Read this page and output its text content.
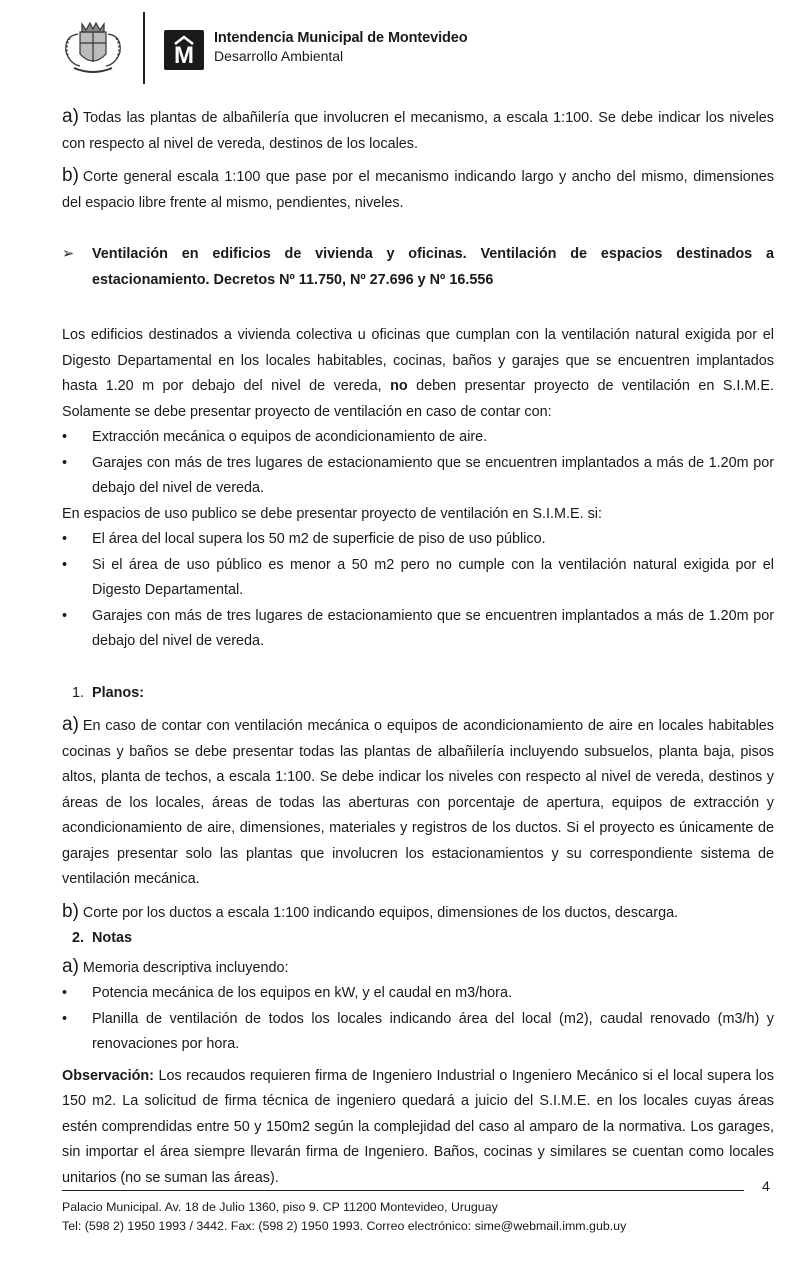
M
Intendencia Municipal de Montevideo
Desarrollo Ambiental

a) Todas las plantas de albañilería que involucren el mecanismo, a escala 1:100. Se debe indicar los niveles con respecto al nivel de vereda, destinos de los locales.

b) Corte general escala 1:100 que pase por el mecanismo indicando largo y ancho del mismo, dimensiones del espacio libre frente al mismo, pendientes, niveles.

➢ Ventilación en edificios de vivienda y oficinas. Ventilación de espacios destinados a estacionamiento. Decretos Nº 11.750, Nº 27.696 y Nº 16.556

Los edificios destinados a vivienda colectiva u oficinas que cumplan con la ventilación natural exigida por el Digesto Departamental en los locales habitables, cocinas, baños y garajes que se encuentren implantados hasta 1.20 m por debajo del nivel de vereda, no deben presentar proyecto de ventilación en S.I.M.E. Solamente se debe presentar proyecto de ventilación en caso de contar con:

• Extracción mecánica o equipos de acondicionamiento de aire.
• Garajes con más de tres lugares de estacionamiento que se encuentren implantados a más de 1.20m por debajo del nivel de vereda.

En espacios de uso publico se debe presentar proyecto de ventilación en S.I.M.E. si:

• El área del local supera los 50 m2 de superficie de piso de uso público.
• Si el área de uso público es menor a 50 m2 pero no cumple con la ventilación natural exigida por el Digesto Departamental.
• Garajes con más de tres lugares de estacionamiento que se encuentren implantados a más de 1.20m por debajo del nivel de vereda.

1. Planos:

a) En caso de contar con ventilación mecánica o equipos de acondicionamiento de aire en locales habitables cocinas y baños se debe presentar todas las plantas de albañilería incluyendo subsuelos, planta baja, pisos altos, planta de techos, a escala 1:100. Se debe indicar los niveles con respecto al nivel de vereda, destinos y áreas de los locales, áreas de todas las aberturas con porcentaje de apertura, equipos de extracción y acondicionamiento de aire, dimensiones, materiales y registros de los ductos. Si el proyecto es únicamente de garajes presentar solo las plantas que involucren los estacionamientos y su correspondiente sistema de ventilación mecánica.

b) Corte por los ductos a escala 1:100 indicando equipos, dimensiones de los ductos, descarga.

2. Notas

a) Memoria descriptiva incluyendo:

• Potencia mecánica de los equipos en kW, y el caudal en m3/hora.
• Planilla de ventilación de todos los locales indicando área del local (m2), caudal renovado (m3/h) y renovaciones por hora.

Observación: Los recaudos requieren firma de Ingeniero Industrial o Ingeniero Mecánico si el local supera los 150 m2. La solicitud de firma técnica de ingeniero quedará a juicio del S.I.M.E. en los locales cuyas áreas estén comprendidas entre 50 y 150m2 según la complejidad del caso al amparo de la normativa. Los garages, sin importar el área siempre llevarán firma de Ingeniero. Baños, cocinas y similares se cuentan como locales unitarios (no se suman las áreas).

4
Palacio Municipal. Av. 18 de Julio 1360, piso 9. CP 11200 Montevideo, Uruguay
Tel: (598 2) 1950 1993 / 3442. Fax: (598 2) 1950 1993. Correo electrónico: sime@webmail.imm.gub.uy
